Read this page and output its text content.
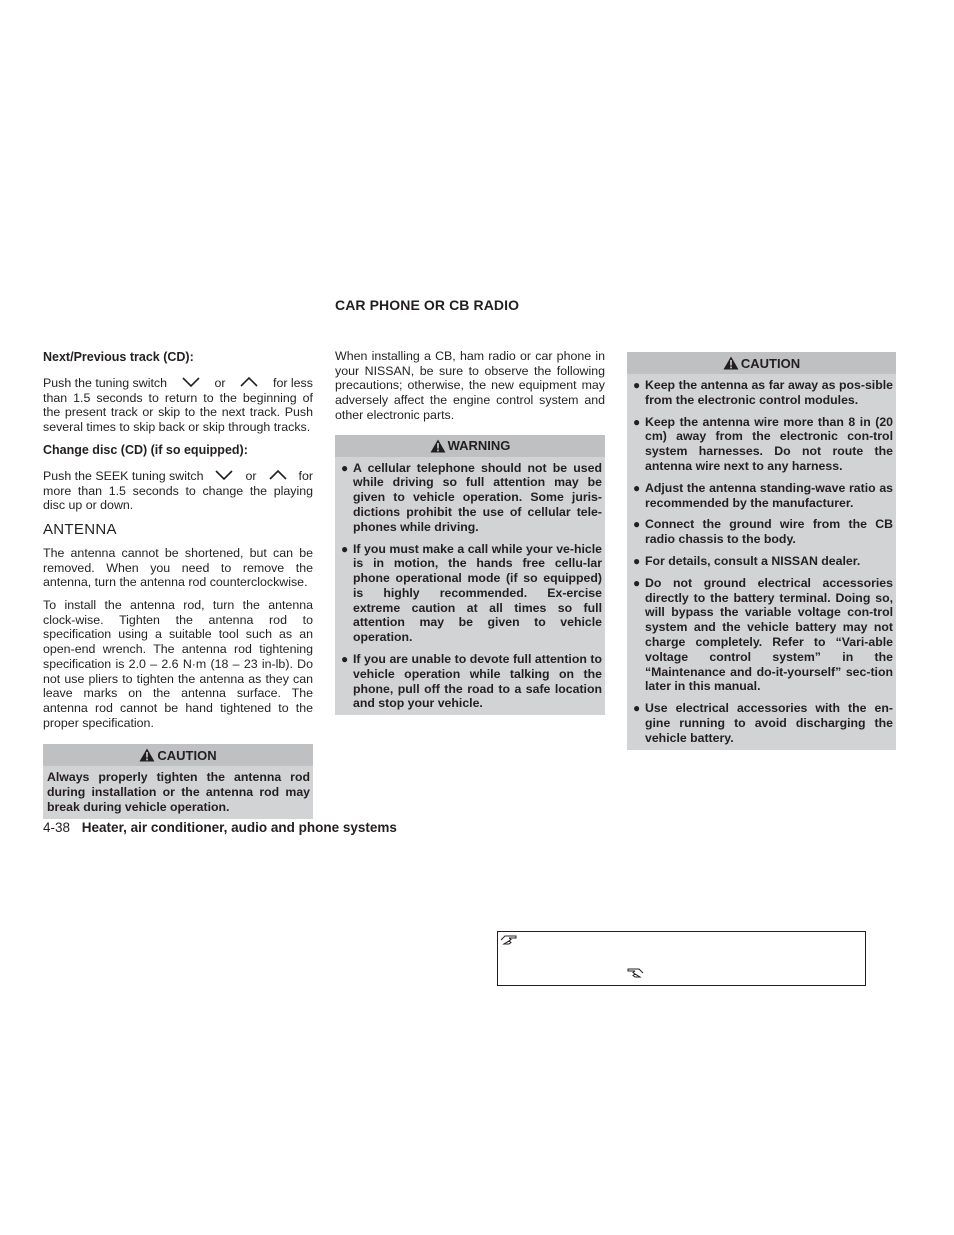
CAR PHONE OR CB RADIO
Next/Previous track (CD):

Push the tuning switch	or	for less
than 1.5 seconds to return to the beginning of the present track or skip to the next track. Push several times to skip back or skip through tracks.

Change disc (CD) (if so equipped):

Push the SEEK tuning switch	or	for
more than 1.5 seconds to change the playing disc up or down.

ANTENNA

The antenna cannot be shortened, but can be removed. When you need to remove the antenna, turn the antenna rod counterclockwise.

To install the antenna rod, turn the antenna clock-wise. Tighten the antenna rod to specification using a suitable tool such as an open-end wrench. The antenna rod tightening specification is 2.0 – 2.6 N·m (18 – 23 in-lb). Do not use pliers to tighten the antenna as they can leave marks on the antenna surface. The antenna rod cannot be hand tightened to the proper specification.

CAUTION

Always properly tighten the antenna rod during installation or the antenna rod may break during vehicle operation.

When installing a CB, ham radio or car phone in your NISSAN, be sure to observe the following precautions; otherwise, the new equipment may adversely affect the engine control system and other electronic parts.

WARNING
● A cellular telephone should not be used while driving so full attention may be given to vehicle operation. Some juris-dictions prohibit the use of cellular tele-phones while driving.
● If you must make a call while your ve-hicle is in motion, the hands free cellu-lar phone operational mode (if so equipped) is highly recommended. Ex-ercise extreme caution at all times so full attention may be given to vehicle operation.
● If you are unable to devote full attention to vehicle operation while talking on the phone, pull off the road to a safe location and stop your vehicle.
CAUTION
● Keep the antenna as far away as pos-sible from the electronic control modules.
● Keep the antenna wire more than 8 in (20 cm) away from the electronic con-trol system harnesses. Do not route the antenna wire next to any harness.
● Adjust the antenna standing-wave ratio as recommended by the manufacturer.
● Connect the ground wire from the CB radio chassis to the body.
● For details, consult a NISSAN dealer.
● Do not ground electrical accessories directly to the battery terminal. Doing so, will bypass the variable voltage con-trol system and the vehicle battery may not charge completely. Refer to “Vari-able voltage control system” in the “Maintenance and do-it-yourself” sec-tion later in this manual.
● Use electrical accessories with the en-gine running to avoid discharging the vehicle battery.
4-38 Heater, air conditioner, audio and phone systems
